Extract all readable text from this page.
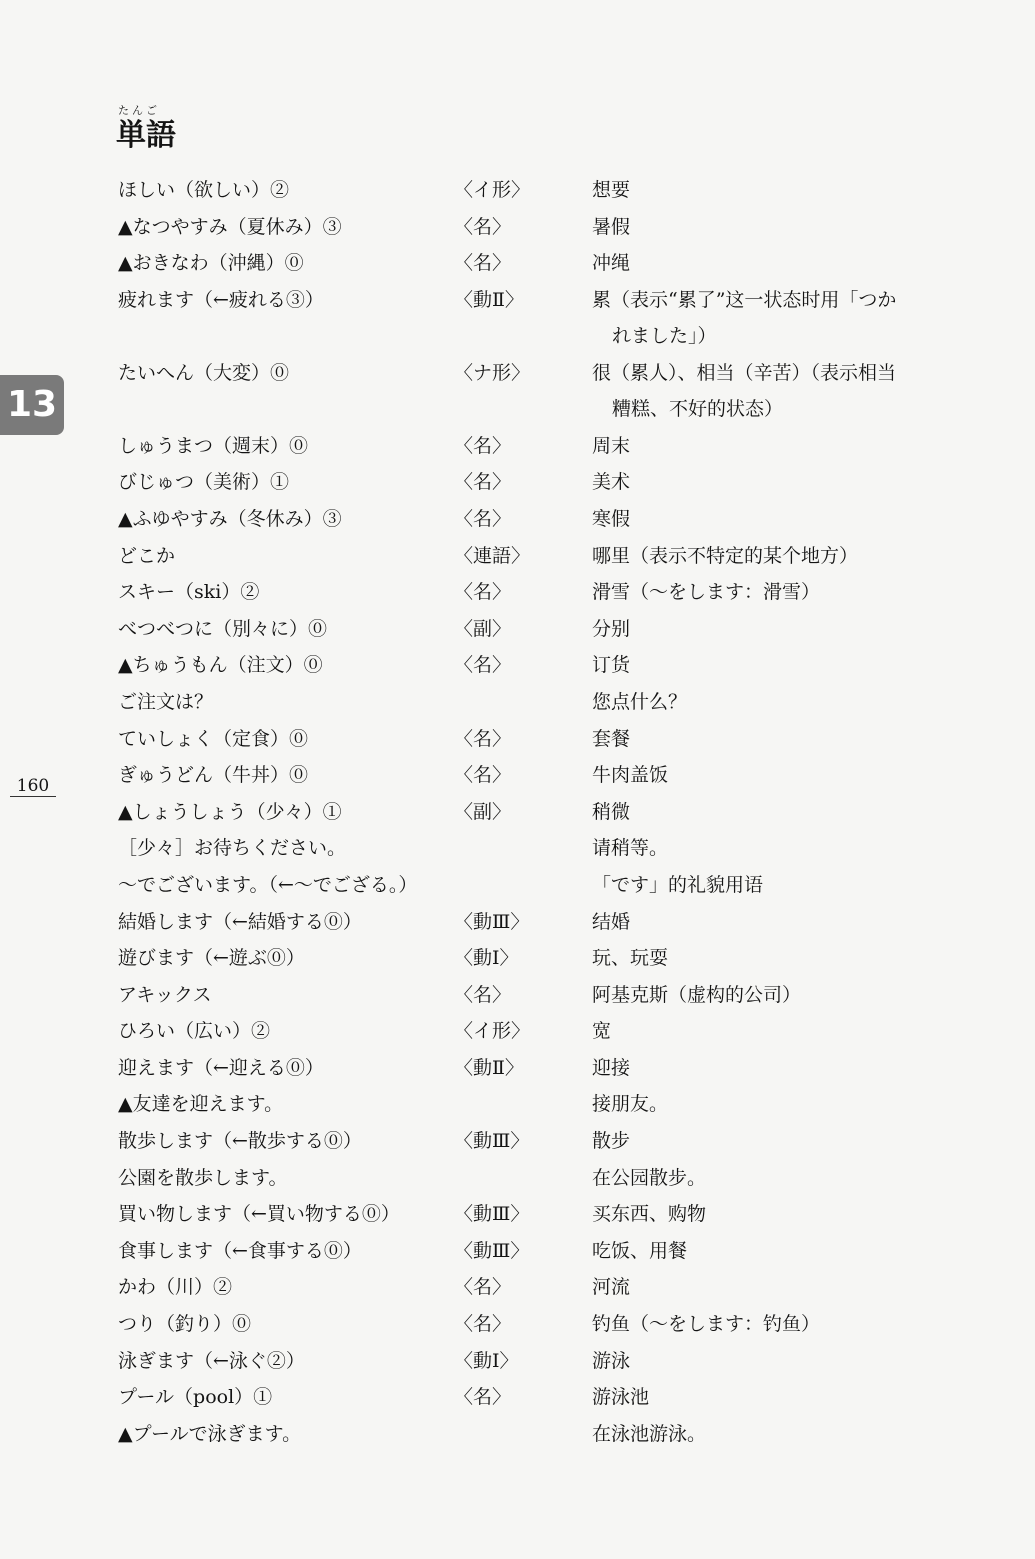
たんご
単語
13
160
ほしい（欲しい）②	〈イ形〉	想要
▲なつやすみ（夏休み）③	〈名〉	暑假
▲おきなわ（沖縄）⓪	〈名〉	冲绳
疲れます（←疲れる③）	〈動Ⅱ〉	累（表示“累了”这一状态时用「つか
れました」）
たいへん（大変）⓪	〈ナ形〉	很（累人）、相当（辛苦）（表示相当
糟糕、不好的状态）
しゅうまつ（週末）⓪	〈名〉	周末
びじゅつ（美術）①	〈名〉	美术
▲ふゆやすみ（冬休み）③	〈名〉	寒假
どこか	〈連語〉	哪里（表示不特定的某个地方）
スキー（ski）②	〈名〉	滑雪（～をします：滑雪）
べつべつに（別々に）⓪	〈副〉	分别
▲ちゅうもん（注文）⓪	〈名〉	订货
ご注文は？	您点什么？
ていしょく（定食）⓪	〈名〉	套餐
ぎゅうどん（牛丼）⓪	〈名〉	牛肉盖饭
▲しょうしょう（少々）①	〈副〉	稍微
［少々］お待ちください。	请稍等。
～でございます。（←～でござる。）	「です」的礼貌用语
結婚します（←結婚する⓪）	〈動Ⅲ〉	结婚
遊びます（←遊ぶ⓪）	〈動Ⅰ〉	玩、玩耍
アキックス	〈名〉	阿基克斯（虚构的公司）
ひろい（広い）②	〈イ形〉	宽
迎えます（←迎える⓪）	〈動Ⅱ〉	迎接
▲友達を迎えます。	接朋友。
散歩します（←散歩する⓪）	〈動Ⅲ〉	散步
公園を散歩します。	在公园散步。
買い物します（←買い物する⓪）	〈動Ⅲ〉	买东西、购物
食事します（←食事する⓪）	〈動Ⅲ〉	吃饭、用餐
かわ（川）②	〈名〉	河流
つり（釣り）⓪	〈名〉	钓鱼（～をします：钓鱼）
泳ぎます（←泳ぐ②）	〈動Ⅰ〉	游泳
プール（pool）①	〈名〉	游泳池
▲プールで泳ぎます。	在泳池游泳。
